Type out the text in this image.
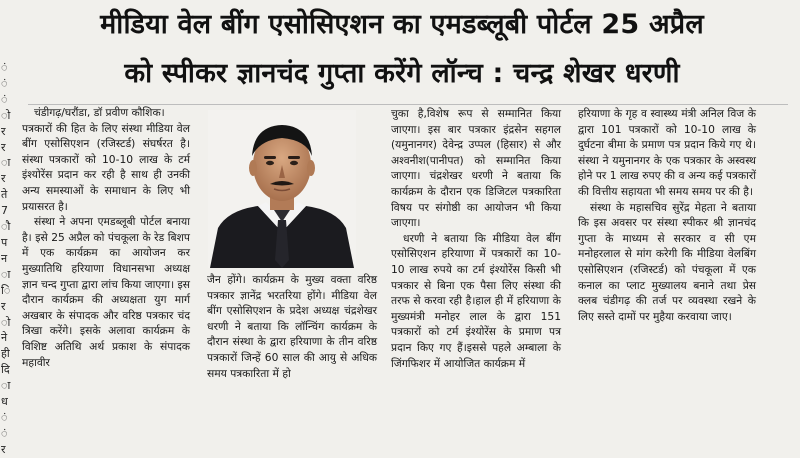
मीडिया वेल बींग एसोसिएशन का एमडब्लूबी पोर्टल 25 अप्रैल
को स्पीकर ज्ञानचंद गुप्ता करेंगे लॉन्च : चन्द्र शेखर धरणी
ं
ं
ं
ो
र
र
ा
र
ते
7
ौ
प
न
ा
ि
र
ो
ने
ही
दि
ा
ध
ं
ं
र

चंडीगढ़/घरौंडा, डॉ प्रवीण कौशिक।

पत्रकारों की हित के लिए संस्था मीडिया वेल बींग एसोसिएशन (रजिस्टर्ड) संघर्षरत है। संस्था पत्रकारों को 10-10 लाख के टर्म इंश्योरेंस प्रदान कर रही है साथ ही उनकी अन्य समस्याओं के समाधान के लिए भी प्रयासरत है।

संस्था ने अपना एमडब्लूबी पोर्टल बनाया है। इसे 25 अप्रैल को पंचकूला के रेड बिशप में एक कार्यक्रम का आयोजन कर मुख्यातिथि हरियाणा विधानसभा अध्यक्ष ज्ञान चन्द गुप्ता द्वारा लांच किया जाएगा। इस दौरान कार्यक्रम की अध्यक्षता युग मार्ग अखबार के संपादक और वरिष्ठ पत्रकार चंद त्रिखा करेंगे। इसके अलावा कार्यक्रम के विशिष्ट अतिथि अर्थ प्रकाश के संपादक महावीर

जैन होंगे। कार्यक्रम के मुख्य वक्ता वरिष्ठ पत्रकार ज्ञानेंद्र भरतरिया होंगे। मीडिया वेल बींग एसोसिएशन के प्रदेश अध्यक्ष चंद्रशेखर धरणी ने बताया कि लॉन्चिंग कार्यक्रम के दौरान संस्था के द्वारा हरियाणा के तीन वरिष्ठ पत्रकारों जिन्हें 60 साल की आयु से अधिक समय पत्रकारिता में हो

चुका है,विशेष रूप से सम्मानित किया जाएगा। इस बार पत्रकार इंद्रसेन सहगल (यमुनानगर) देवेन्द्र उप्पल (हिसार) से और अश्वनीश(पानीपत) को सम्मानित किया जाएगा। चंद्रशेखर धरणी ने बताया कि कार्यक्रम के दौरान एक डिजिटल पत्रकारिता विषय पर संगोष्ठी का आयोजन भी किया जाएगा।

धरणी ने बताया कि मीडिया वेल बींग एसोसिएशन हरियाणा में पत्रकारों का 10-10 लाख रुपये का टर्म इंश्योरेंस किसी भी पत्रकार से बिना एक पैसा लिए संस्था की तरफ से करवा रही है।हाल ही में हरियाणा के मुख्यमंत्री मनोहर लाल के द्वारा 151 पत्रकारों को टर्म इंश्योरेंस के प्रमाण पत्र प्रदान किए गए हैं।इससे पहले अम्बाला के जिंगफिशर में आयोजित कार्यक्रम में

हरियाणा के गृह व स्वास्थ्य मंत्री अनिल विज के द्वारा 101 पत्रकारों को 10-10 लाख के दुर्घटना बीमा के प्रमाण पत्र प्रदान किये गए थे।संस्था ने यमुनानगर के एक पत्रकार के अस्वस्थ होने पर 1 लाख रुपए की व अन्य कई पत्रकारों की वित्तीय सहायता भी समय समय पर की है।

संस्था के महासचिव सुरेंद्र मेहता ने बताया कि इस अवसर पर संस्था स्पीकर श्री ज्ञानचंद गुप्ता के माध्यम से सरकार व सी एम मनोहरलाल से मांग करेगी कि मीडिया वेलबिंग एसोसिएशन (रजिस्टर्ड) को पंचकूला में एक कनाल का प्लाट मुख्यालय बनाने तथा प्रेस क्लब चंडीगढ़ की तर्ज पर व्यवस्था रखने के लिए सस्ते दामों पर मुहैया करवाया जाए।
